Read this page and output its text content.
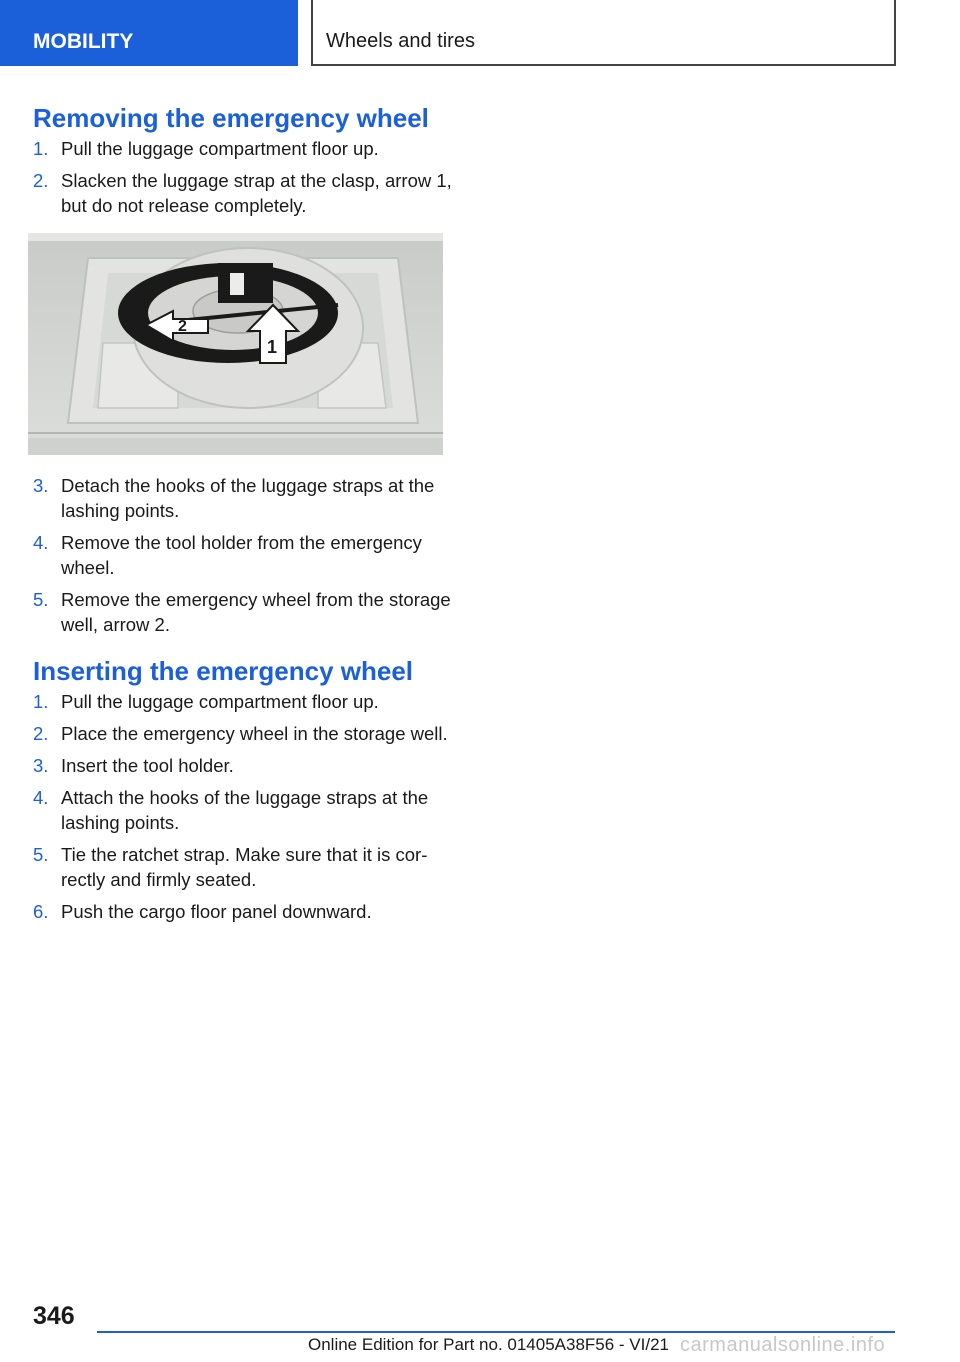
MOBILITY	Wheels and tires
Removing the emergency wheel
1. Pull the luggage compartment floor up.
2. Slacken the luggage strap at the clasp, arrow 1, but do not release completely.
2
1
3. Detach the hooks of the luggage straps at the lashing points.
4. Remove the tool holder from the emergency wheel.
5. Remove the emergency wheel from the storage well, arrow 2.
Inserting the emergency wheel
1. Pull the luggage compartment floor up.
2. Place the emergency wheel in the storage well.
3. Insert the tool holder.
4. Attach the hooks of the luggage straps at the lashing points.
5. Tie the ratchet strap. Make sure that it is correctly and firmly seated.
6. Push the cargo floor panel downward.
346
Online Edition for Part no. 01405A38F56 - VI/21 carmanualsonline.info
